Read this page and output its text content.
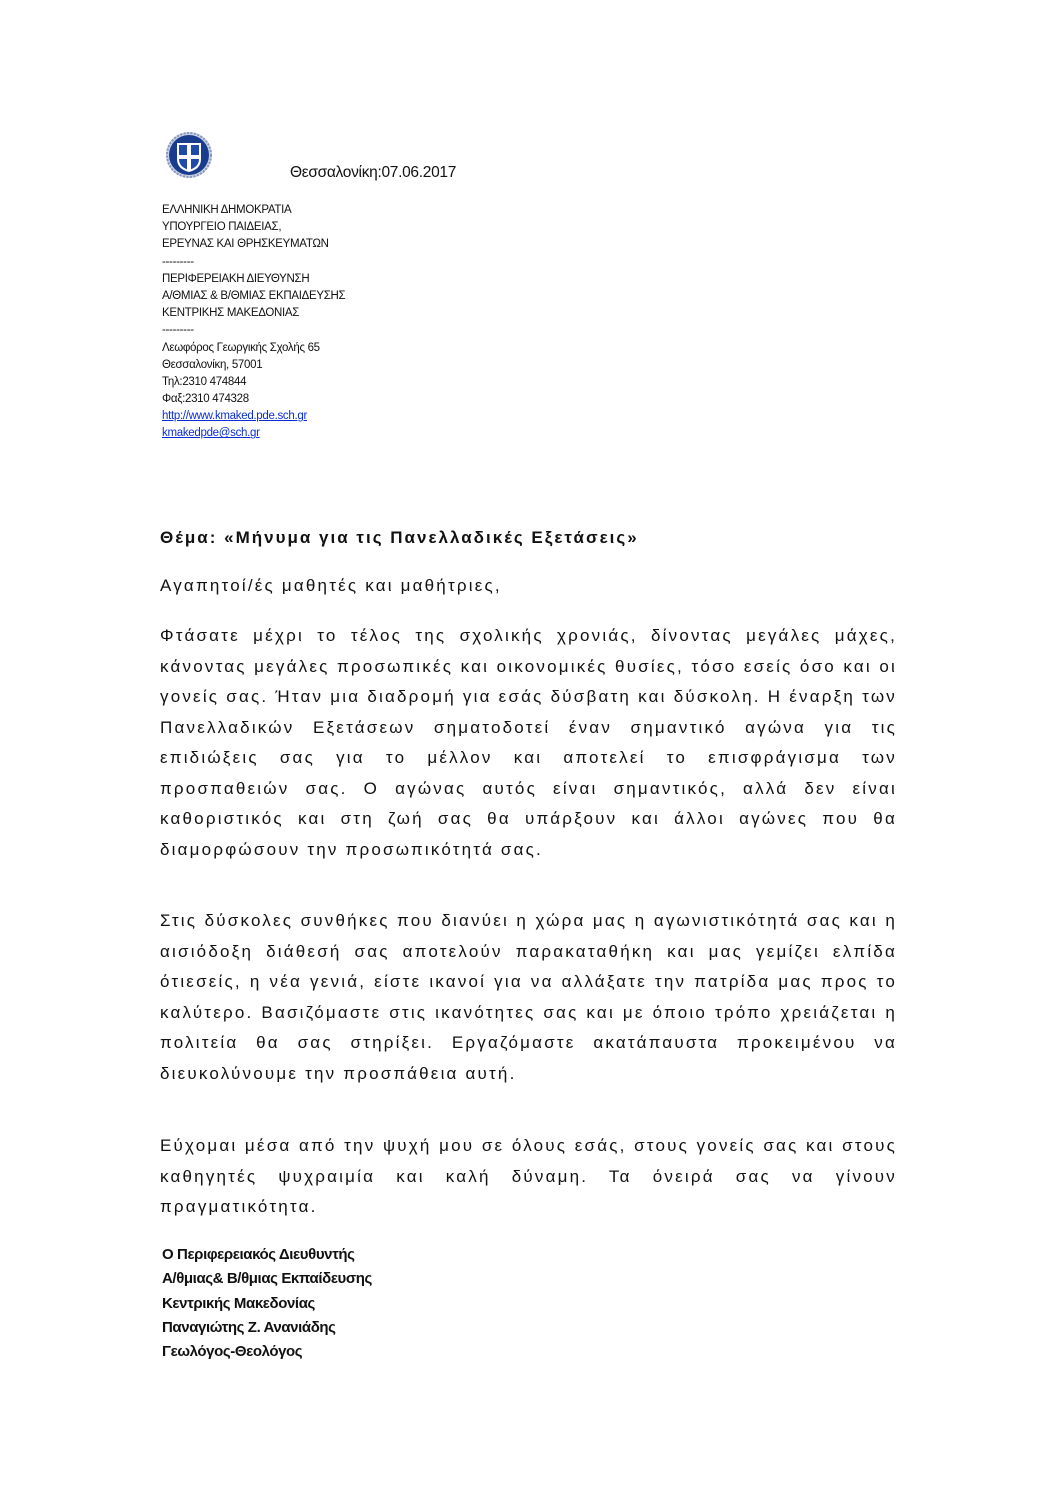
Θεσσαλονίκη:07.06.2017
ΕΛΛΗΝΙΚΗ ΔΗΜΟΚΡΑΤΙΑ
ΥΠΟΥΡΓΕΙΟ ΠΑΙΔΕΙΑΣ,
ΕΡΕΥΝΑΣ ΚΑΙ ΘΡΗΣΚΕΥΜΑΤΩΝ
---------
ΠΕΡΙΦΕΡΕΙΑΚΗ ΔΙΕΥΘΥΝΣΗ
Α/ΘΜΙΑΣ & Β/ΘΜΙΑΣ ΕΚΠΑΙΔΕΥΣΗΣ
ΚΕΝΤΡΙΚΗΣ ΜΑΚΕΔΟΝΙΑΣ
---------
Λεωφόρος Γεωργικής Σχολής 65
Θεσσαλονίκη, 57001
Τηλ:2310 474844
Φαξ:2310 474328
http://www.kmaked.pde.sch.gr
kmakedpde@sch.gr
Θέμα: «Μήνυμα για τις Πανελλαδικές Εξετάσεις»
Αγαπητοί/ές μαθητές και μαθήτριες,
Φτάσατε μέχρι το τέλος της σχολικής χρονιάς, δίνοντας μεγάλες μάχες, κάνοντας μεγάλες προσωπικές και οικονομικές θυσίες, τόσο εσείς όσο και οι γονείς σας. Ήταν μια διαδρομή για εσάς δύσβατη και δύσκολη. Η έναρξη των Πανελλαδικών Εξετάσεων σηματοδοτεί έναν σημαντικό αγώνα για τις επιδιώξεις σας για το μέλλον και αποτελεί το επισφράγισμα των προσπαθειών σας. Ο αγώνας αυτός είναι σημαντικός, αλλά δεν είναι καθοριστικός και στη ζωή σας θα υπάρξουν και άλλοι αγώνες που θα διαμορφώσουν την προσωπικότητά σας.
Στις δύσκολες συνθήκες που διανύει η χώρα μας η αγωνιστικότητά σας και η αισιόδοξη διάθεσή σας αποτελούν παρακαταθήκη και μας γεμίζει ελπίδα ότιεσείς, η νέα γενιά, είστε ικανοί για να αλλάξατε την πατρίδα μας προς το καλύτερο. Βασιζόμαστε στις ικανότητες σας και με όποιο τρόπο χρειάζεται η πολιτεία θα σας στηρίξει. Εργαζόμαστε ακατάπαυστα προκειμένου να διευκολύνουμε την προσπάθεια αυτή.
Εύχομαι μέσα από την ψυχή μου σε όλους εσάς, στους γονείς σας και στους καθηγητές ψυχραιμία και καλή δύναμη. Τα όνειρά σας να γίνουν πραγματικότητα.
Ο Περιφερειακός Διευθυντής
Α/θμιας& Β/θμιας Εκπαίδευσης
Κεντρικής Μακεδονίας
Παναγιώτης Ζ. Ανανιάδης
Γεωλόγος-Θεολόγος
